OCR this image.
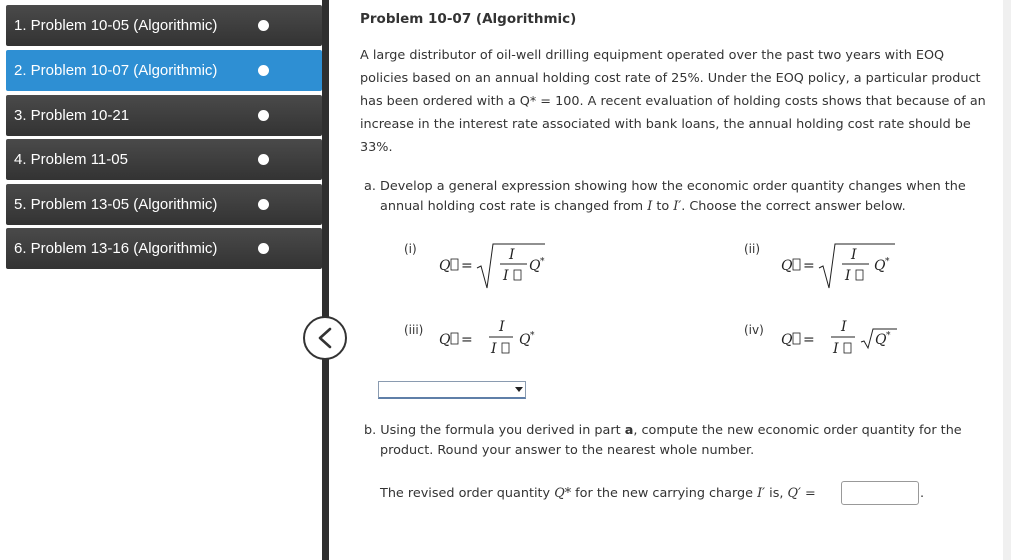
1. Problem 10-05 (Algorithmic)
2. Problem 10-07 (Algorithmic)
3. Problem 10-21
4. Problem 11-05
5. Problem 13-05 (Algorithmic)
6. Problem 13-16 (Algorithmic)
Problem 10-07 (Algorithmic)
A large distributor of oil-well drilling equipment operated over the past two years with EOQ policies based on an annual holding cost rate of 25%. Under the EOQ policy, a particular product has been ordered with a Q* = 100. A recent evaluation of holding costs shows that because of an increase in the interest rate associated with bank loans, the annual holding cost rate should be 33%.
a. Develop a general expression showing how the economic order quantity changes when the
annual holding cost rate is changed from I to I′. Choose the correct answer below.
(i)	(ii)
(iii)	(iv)
Q =
I
I
Q *	Q =
I
I
Q *
Q =
I
I
Q *	Q =
I
I
Q *
b. Using the formula you derived in part a, compute the new economic order quantity for the
product. Round your answer to the nearest whole number.
The revised order quantity Q* for the new carrying charge I′ is, Q′ =	.
